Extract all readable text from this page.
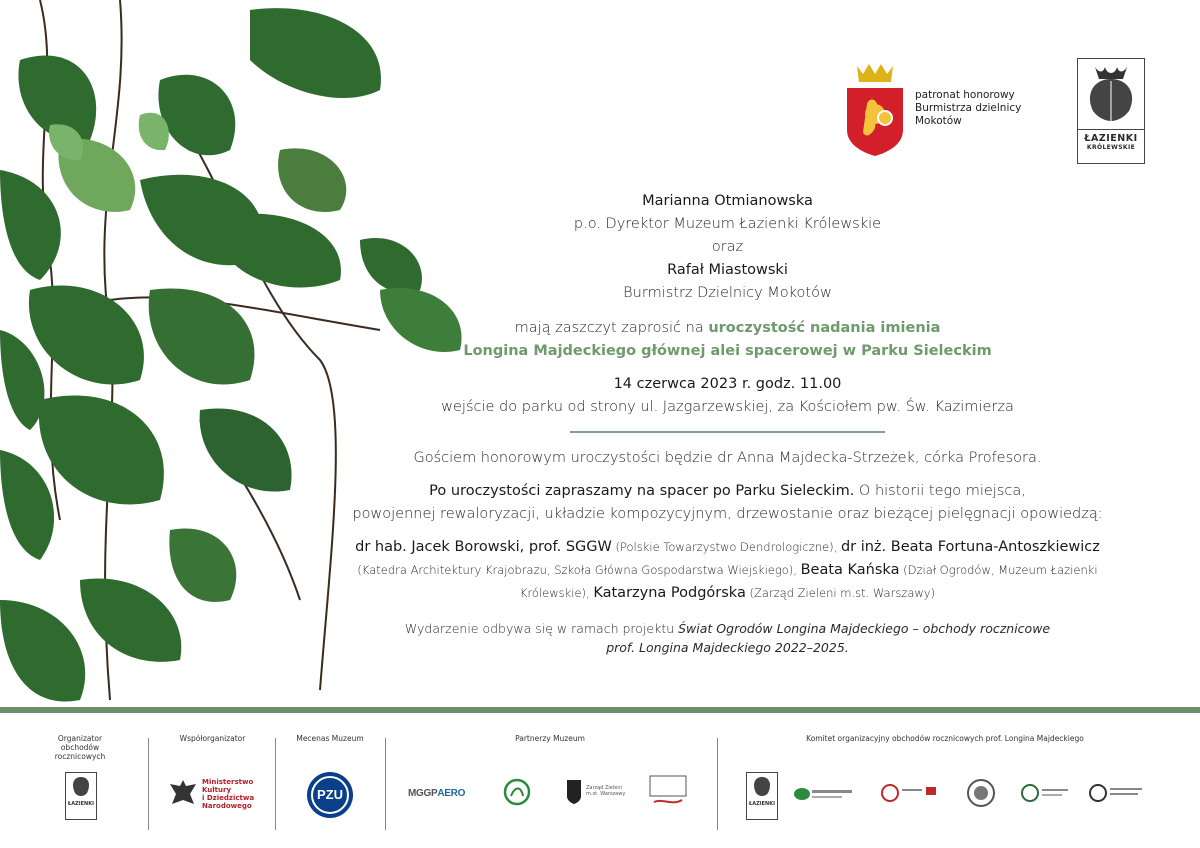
patronat honorowy
Burmistrza dzielnicy
Mokotów
ŁAZIENKI
KRÓLEWSKIE
Marianna Otmianowska
p.o. Dyrektor Muzeum Łazienki Królewskie
oraz
Rafał Miastowski
Burmistrz Dzielnicy Mokotów
mają zaszczyt zaprosić na uroczystość nadania imienia
Longina Majdeckiego głównej alei spacerowej w Parku Sieleckim
14 czerwca 2023 r. godz. 11.00
wejście do parku od strony ul. Jazgarzewskiej, za Kościołem pw. Św. Kazimierza
Gościem honorowym uroczystości będzie dr Anna Majdecka-Strzeżek, córka Profesora.
Po uroczystości zapraszamy na spacer po Parku Sieleckim. O historii tego miejsca,
powojennej rewaloryzacji, układzie kompozycyjnym, drzewostanie oraz bieżącej pielęgnacji opowiedzą:
dr hab. Jacek Borowski, prof. SGGW (Polskie Towarzystwo Dendrologiczne), dr inż. Beata Fortuna-Antoszkiewicz
(Katedra Architektury Krajobrazu, Szkoła Główna Gospodarstwa Wiejskiego), Beata Kańska (Dział Ogrodów, Muzeum Łazienki
Królewskie), Katarzyna Podgórska (Zarząd Zieleni m.st. Warszawy)
Wydarzenie odbywa się w ramach projektu Świat Ogrodów Longina Majdeckiego – obchody rocznicowe
prof. Longina Majdeckiego 2022–2025.
Organizator obchodów rocznicowych
ŁAZIENKI
Współorganizator
Ministerstwo
Kultury
i Dziedzictwa
Narodowego
Mecenas Muzeum
PZU
Partnerzy Muzeum
MGGPAERO	Zarząd Zieleni
m.st. Warszawy
Komitet organizacyjny obchodów rocznicowych prof. Longina Majdeckiego
ŁAZIENKI
